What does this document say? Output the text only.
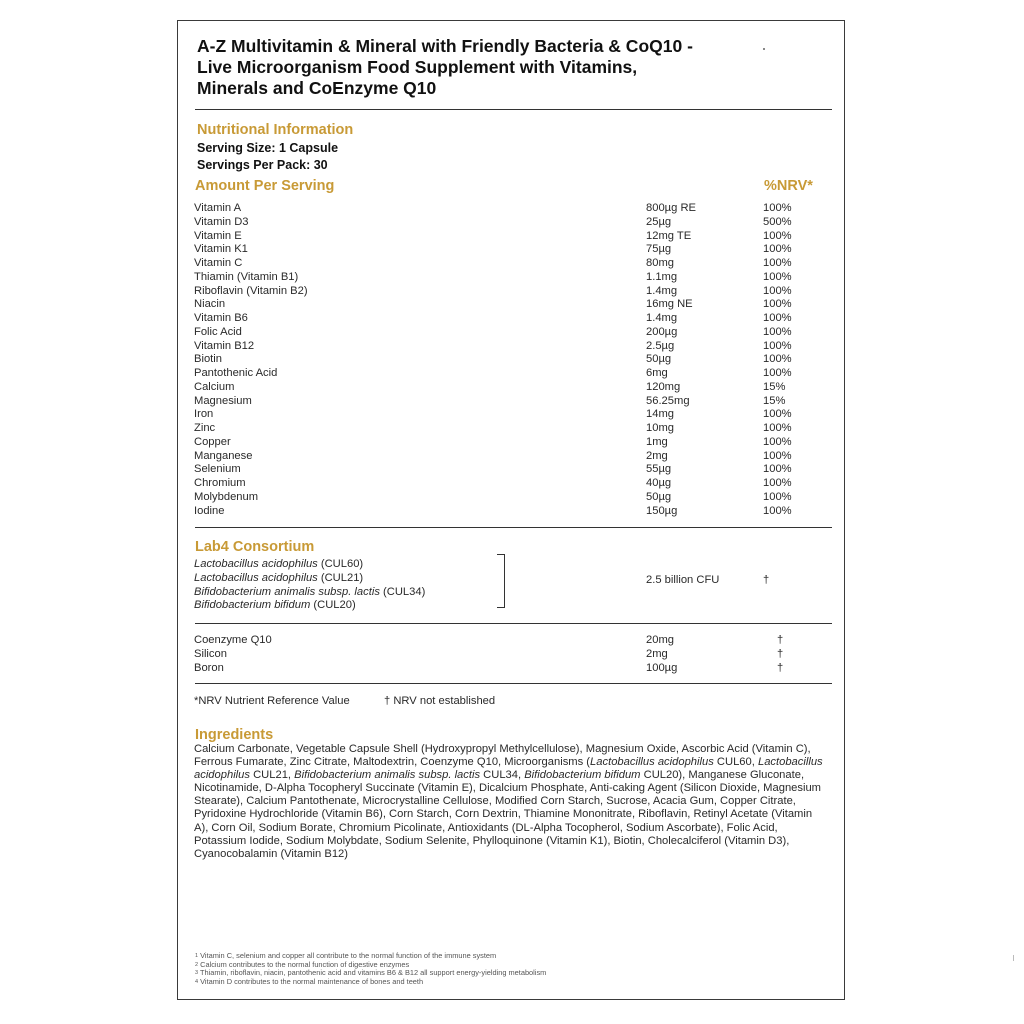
A-Z Multivitamin & Mineral with Friendly Bacteria & CoQ10 -
Live Microorganism Food Supplement with Vitamins,
Minerals and CoEnzyme Q10
Nutritional Information
Serving Size: 1 Capsule
Servings Per Pack: 30
Amount Per Serving	%NRV*
Vitamin A	800µg RE	100%
Vitamin D3	25µg	500%
Vitamin E	12mg TE	100%
Vitamin K1	75µg	100%
Vitamin C	80mg	100%
Thiamin (Vitamin B1)	1.1mg	100%
Riboflavin (Vitamin B2)	1.4mg	100%
Niacin	16mg NE	100%
Vitamin B6	1.4mg	100%
Folic Acid	200µg	100%
Vitamin B12	2.5µg	100%
Biotin	50µg	100%
Pantothenic Acid	6mg	100%
Calcium	120mg	15%
Magnesium	56.25mg	15%
Iron	14mg	100%
Zinc	10mg	100%
Copper	1mg	100%
Manganese	2mg	100%
Selenium	55µg	100%
Chromium	40µg	100%
Molybdenum	50µg	100%
Iodine	150µg	100%
Lab4 Consortium
Lactobacillus acidophilus (CUL60)
Lactobacillus acidophilus (CUL21)
Bifidobacterium animalis subsp. lactis (CUL34)
Bifidobacterium bifidum (CUL20)
2.5 billion CFU	†
Coenzyme Q10	20mg	†
Silicon	2mg	†
Boron	100µg	†
*NRV Nutrient Reference Value	† NRV not established
Ingredients
Calcium Carbonate, Vegetable Capsule Shell (Hydroxypropyl Methylcellulose), Magnesium Oxide, Ascorbic Acid (Vitamin C), Ferrous Fumarate, Zinc Citrate, Maltodextrin, Coenzyme Q10, Microorganisms (Lactobacillus acidophilus CUL60, Lactobacillus acidophilus CUL21, Bifidobacterium animalis subsp. lactis CUL34, Bifidobacterium bifidum CUL20), Manganese Gluconate, Nicotinamide, D-Alpha Tocopheryl Succinate (Vitamin E), Dicalcium Phosphate, Anti-caking Agent (Silicon Dioxide, Magnesium Stearate), Calcium Pantothenate, Microcrystalline Cellulose, Modified Corn Starch, Sucrose, Acacia Gum, Copper Citrate, Pyridoxine Hydrochloride (Vitamin B6), Corn Starch, Corn Dextrin, Thiamine Mononitrate, Riboflavin, Retinyl Acetate (Vitamin A), Corn Oil, Sodium Borate, Chromium Picolinate, Antioxidants (DL-Alpha Tocopherol, Sodium Ascorbate), Folic Acid, Potassium Iodide, Sodium Molybdate, Sodium Selenite, Phylloquinone (Vitamin K1), Biotin, Cholecalciferol (Vitamin D3), Cyanocobalamin (Vitamin B12)
$^1$ Vitamin C, selenium and copper all contribute to the normal function of the immune system
$^2$ Calcium contributes to the normal function of digestive enzymes
$^3$ Thiamin, riboflavin, niacin, pantothenic acid and vitamins B6 & B12 all support energy-yielding metabolism
$^4$ Vitamin D contributes to the normal maintenance of bones and teeth
